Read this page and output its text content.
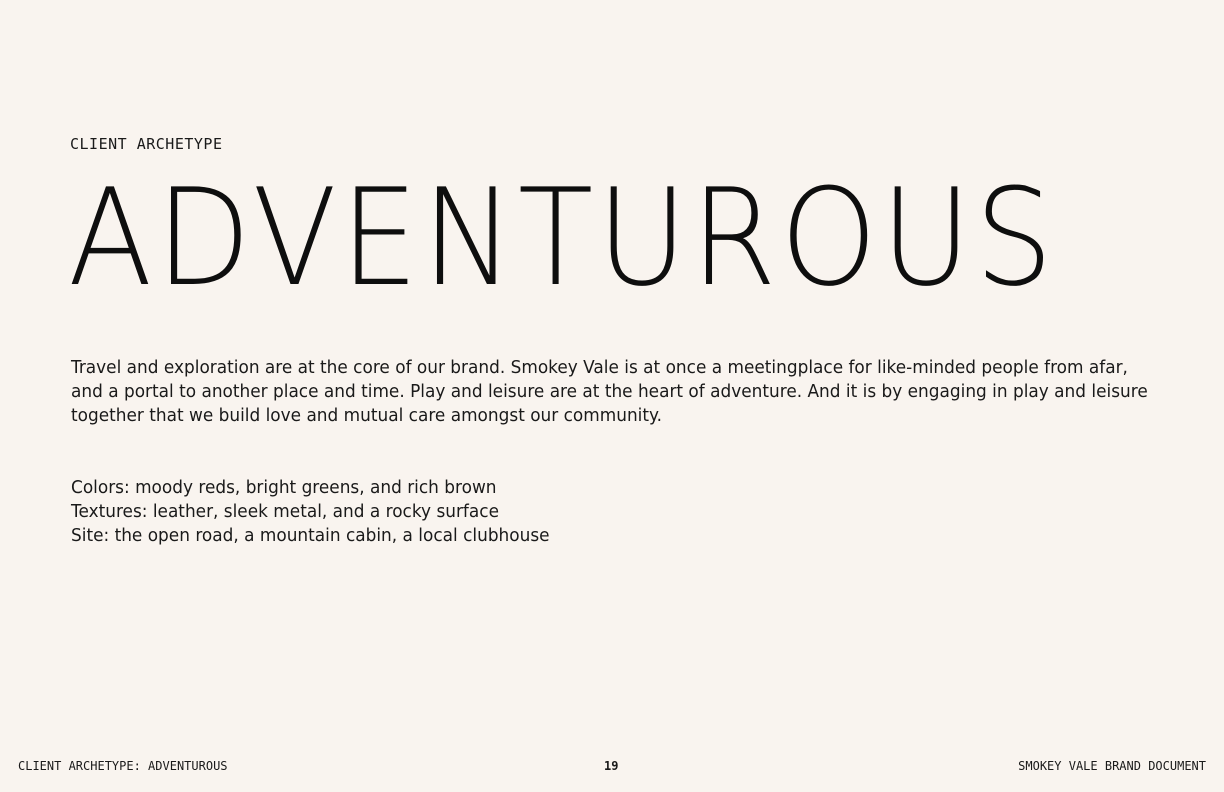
CLIENT ARCHETYPE
ADVENTUROUS

Travel and exploration are at the core of our brand. Smokey Vale is at once a meetingplace for like-minded people from afar, and a portal to another place and time. Play and leisure are at the heart of adventure. And it is by engaging in play and leisure together that we build love and mutual care amongst our community.

Colors: moody reds, bright greens, and rich brown
Textures: leather, sleek metal, and a rocky surface
Site: the open road, a mountain cabin, a local clubhouse
CLIENT ARCHETYPE: ADVENTUROUS	19	SMOKEY VALE BRAND DOCUMENT
